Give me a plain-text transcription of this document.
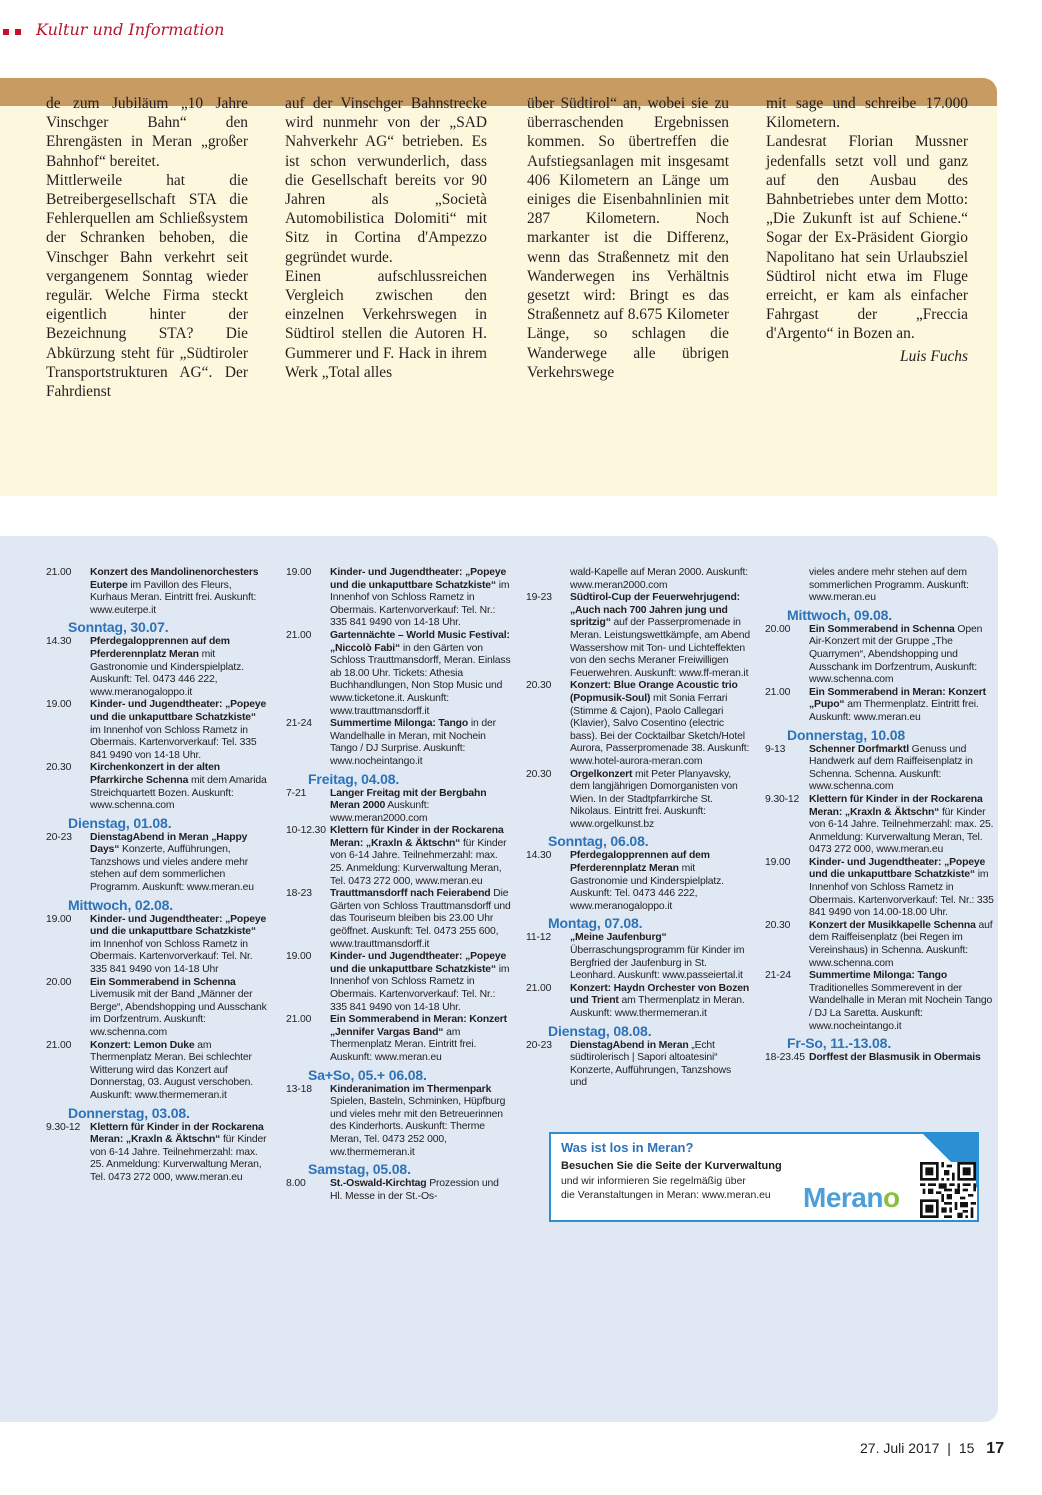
Kultur und Information

de zum Jubiläum „10 Jahre Vinschger Bahn“ den Ehrengästen in Meran „großer Bahnhof“ bereitet.

Mittlerweile hat die Betreibergesellschaft STA die Fehlerquellen am Schließsystem der Schranken behoben, die Vinschger Bahn verkehrt seit vergangenem Sonntag wieder regulär. Welche Firma steckt eigentlich hinter der Bezeichnung STA? Die Abkürzung steht für „Südtiroler Transportstrukturen AG“. Der Fahrdienst

auf der Vinschger Bahnstrecke wird nunmehr von der „SAD Nahverkehr AG“ betrieben. Es ist schon verwunderlich, dass die Gesellschaft bereits vor 90 Jahren als „Società Automobilistica Dolomiti“ mit Sitz in Cortina d'Ampezzo gegründet wurde.

Einen aufschlussreichen Vergleich zwischen den einzelnen Verkehrswegen in Südtirol stellen die Autoren H. Gummerer und F. Hack in ihrem Werk „Total alles

über Südtirol“ an, wobei sie zu überraschenden Ergebnissen kommen. So übertreffen die Aufstiegsanlagen mit insgesamt 406 Kilometern an Länge um einiges die Eisenbahnlinien mit 287 Kilometern. Noch markanter ist die Differenz, wenn das Straßennetz mit den Wanderwegen ins Verhältnis gesetzt wird: Bringt es das Straßennetz auf 8.675 Kilometer Länge, so schlagen die Wanderwege alle übrigen Verkehrswege

mit sage und schreibe 17.000 Kilometern.

Landesrat Florian Mussner jedenfalls setzt voll und ganz auf den Ausbau des Bahnbetriebes unter dem Motto: „Die Zukunft ist auf Schiene.“ Sogar der Ex-Präsident Giorgio Napolitano hat sein Urlaubsziel Südtirol nicht etwa im Fluge erreicht, er kam als einfacher Fahrgast der „Freccia d'Argento“ in Bozen an.

Luis Fuchs

21.00	Konzert des Mandolinenorchesters Euterpe im Pavillon des Fleurs, Kurhaus Meran. Eintritt frei. Auskunft: www.euterpe.it
Sonntag, 30.07.
14.30	Pferdegalopprennen auf dem Pferderennplatz Meran mit Gastronomie und Kinderspielplatz. Auskunft: Tel. 0473 446 222, www.meranogaloppo.it
19.00	Kinder- und Jugendtheater: „Popeye und die unkaputtbare Schatzkiste“ im Innenhof von Schloss Rametz in Obermais. Kartenvorverkauf: Tel. 335 841 9490 von 14-18 Uhr.
20.30	Kirchenkonzert in der alten Pfarrkirche Schenna mit dem Amarida Streichquartett Bozen. Auskunft: www.schenna.com
Dienstag, 01.08.
20-23	DienstagAbend in Meran „Happy Days“ Konzerte, Aufführungen, Tanzshows und vieles andere mehr stehen auf dem sommerlichen Programm. Auskunft: www.meran.eu
Mittwoch, 02.08.
19.00	Kinder- und Jugendtheater: „Popeye und die unkaputtbare Schatzkiste“ im Innenhof von Schloss Rametz in Obermais. Kartenvorverkauf: Tel. Nr. 335 841 9490 von 14-18 Uhr
20.00	Ein Sommerabend in Schenna Livemusik mit der Band „Männer der Berge“, Abendshopping und Ausschank im Dorfzentrum. Auskunft: ww.schenna.com
21.00	Konzert: Lemon Duke am Thermenplatz Meran. Bei schlechter Witterung wird das Konzert auf Donnerstag, 03. August verschoben. Auskunft: www.thermemeran.it
Donnerstag, 03.08.
9.30-12 Klettern für Kinder in der Rockarena Meran: „Kraxln & Äktschn“ für Kinder von 6-14 Jahre. Teilnehmerzahl: max. 25. Anmeldung: Kurverwaltung Meran, Tel. 0473 272 000, www.meran.eu
19.00	Kinder- und Jugendtheater: „Popeye und die unkaputtbare Schatzkiste“ im Innenhof von Schloss Rametz in Obermais. Kartenvorverkauf: Tel. Nr.: 335 841 9490 von 14-18 Uhr.
21.00	Gartennächte – World Music Festival: „Niccolò Fabi“ in den Gärten von Schloss Trauttmansdorff, Meran. Einlass ab 18.00 Uhr. Tickets: Athesia Buchhandlungen, Non Stop Music und www.ticketone.it. Auskunft: www.trauttmansdorff.it
21-24	Summertime Milonga: Tango in der Wandelhalle in Meran, mit Nochein Tango / DJ Surprise. Auskunft: www.nocheintango.it
Freitag, 04.08.
7-21	Langer Freitag mit der Bergbahn Meran 2000 Auskunft: www.meran2000.com
10-12.30 Klettern für Kinder in der Rockarena Meran: „Kraxln & Äktschn“ für Kinder von 6-14 Jahre. Teilnehmerzahl: max. 25. Anmeldung: Kurverwaltung Meran, Tel. 0473 272 000, www.meran.eu
18-23	Trauttmansdorff nach Feierabend Die Gärten von Schloss Trauttmansdorff und das Touriseum bleiben bis 23.00 Uhr geöffnet. Auskunft: Tel. 0473 255 600, www.trauttmansdorff.it
19.00	Kinder- und Jugendtheater: „Popeye und die unkaputtbare Schatzkiste“ im Innenhof von Schloss Rametz in Obermais. Kartenvorverkauf: Tel. Nr.: 335 841 9490 von 14-18 Uhr.
21.00	Ein Sommerabend in Meran: Konzert „Jennifer Vargas Band“ am Thermenplatz Meran. Eintritt frei. Auskunft: www.meran.eu
Sa+So, 05.+ 06.08.
13-18	Kinderanimation im Thermenpark Spielen, Basteln, Schminken, Hüpfburg und vieles mehr mit den Betreuerinnen des Kinderhorts. Auskunft: Therme Meran, Tel. 0473 252 000, ww.thermemeran.it
Samstag, 05.08.
8.00	St.-Oswald-Kirchtag Prozession und Hl. Messe in der St.-Os-
wald-Kapelle auf Meran 2000. Auskunft: www.meran2000.com
19-23	Südtirol-Cup der Feuerwehrjugend: „Auch nach 700 Jahren jung und spritzig“ auf der Passerpromenade in Meran. Leistungswettkämpfe, am Abend Wassershow mit Ton- und Lichteffekten von den sechs Meraner Freiwilligen Feuerwehren. Auskunft: www.ff-meran.it
20.30	Konzert: Blue Orange Acoustic trio (Popmusik-Soul) mit Sonia Ferrari (Stimme & Cajon), Paolo Callegari (Klavier), Salvo Cosentino (electric bass). Bei der Cocktailbar Sketch/Hotel Aurora, Passerpromenade 38. Auskunft: www.hotel-aurora-meran.com
20.30	Orgelkonzert mit Peter Planyavsky, dem langjährigen Domorganisten von Wien. In der Stadtpfarrkirche St. Nikolaus. Eintritt frei. Auskunft: www.orgelkunst.bz
Sonntag, 06.08.
14.30	Pferdegalopprennen auf dem Pferderennplatz Meran mit Gastronomie und Kinderspielplatz. Auskunft: Tel. 0473 446 222, www.meranogaloppo.it
Montag, 07.08.
11-12	„Meine Jaufenburg“ Überraschungsprogramm für Kinder im Bergfried der Jaufenburg in St. Leonhard. Auskunft: www.passeiertal.it
21.00	Konzert: Haydn Orchester von Bozen und Trient am Thermenplatz in Meran. Auskunft: www.thermemeran.it
Dienstag, 08.08.
20-23	DienstagAbend in Meran „Echt südtirolerisch | Sapori altoatesini“ Konzerte, Aufführungen, Tanzshows und
vieles andere mehr stehen auf dem sommerlichen Programm. Auskunft: www.meran.eu
Mittwoch, 09.08.
20.00	Ein Sommerabend in Schenna Open Air-Konzert mit der Gruppe „The Quarrymen“, Abendshopping und Ausschank im Dorfzentrum, Auskunft: www.schenna.com
21.00	Ein Sommerabend in Meran: Konzert „Pupo“ am Thermenplatz. Eintritt frei. Auskunft: www.meran.eu
Donnerstag, 10.08
9-13	Schenner Dorfmarktl Genuss und Handwerk auf dem Raiffeisenplatz in Schenna. Schenna. Auskunft: www.schenna.com
9.30-12 Klettern für Kinder in der Rockarena Meran: „Kraxln & Äktschn“ für Kinder von 6-14 Jahre. Teilnehmerzahl: max. 25. Anmeldung: Kurverwaltung Meran, Tel. 0473 272 000, www.meran.eu
19.00	Kinder- und Jugendtheater: „Popeye und die unkaputtbare Schatzkiste“ im Innenhof von Schloss Rametz in Obermais. Kartenvorverkauf: Tel. Nr.: 335 841 9490 von 14.00-18.00 Uhr.
20.30	Konzert der Musikkapelle Schenna auf dem Raiffeisenplatz (bei Regen im Vereinshaus) in Schenna. Auskunft: www.schenna.com
21-24	Summertime Milonga: Tango Traditionelles Sommerevent in der Wandelhalle in Meran mit Nochein Tango / DJ La Saretta. Auskunft: www.nocheintango.it
Fr-So, 11.-13.08.
18-23.45 Dorffest der Blasmusik in Obermais
Was ist los in Meran?
Besuchen Sie die Seite der Kurverwaltung
und wir informieren Sie regelmäßig über
die Veranstaltungen in Meran: www.meran.eu Merano
27. Juli 2017 | 15 17
